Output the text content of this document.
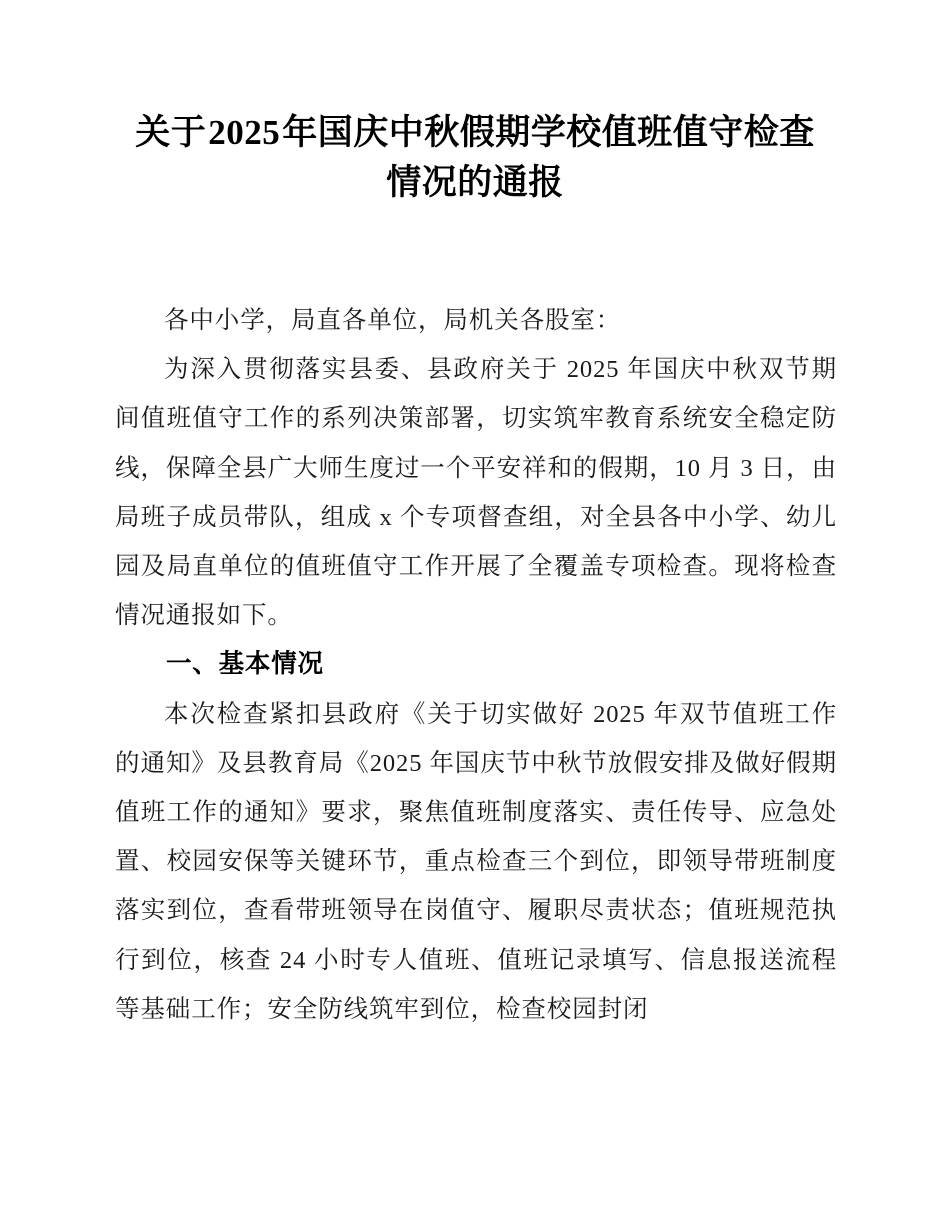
关于2025年国庆中秋假期学校值班值守检查
情况的通报

各中小学，局直各单位，局机关各股室：

为深入贯彻落实县委、县政府关于 2025 年国庆中秋双节期间值班值守工作的系列决策部署，切实筑牢教育系统安全稳定防线，保障全县广大师生度过一个平安祥和的假期，10 月 3 日，由局班子成员带队，组成 x 个专项督查组，对全县各中小学、幼儿园及局直单位的值班值守工作开展了全覆盖专项检查。现将检查情况通报如下。

一、基本情况

本次检查紧扣县政府《关于切实做好 2025 年双节值班工作的通知》及县教育局《2025 年国庆节中秋节放假安排及做好假期值班工作的通知》要求，聚焦值班制度落实、责任传导、应急处置、校园安保等关键环节，重点检查三个到位，即领导带班制度落实到位，查看带班领导在岗值守、履职尽责状态；值班规范执行到位，核查 24 小时专人值班、值班记录填写、信息报送流程等基础工作；安全防线筑牢到位，检查校园封闭
